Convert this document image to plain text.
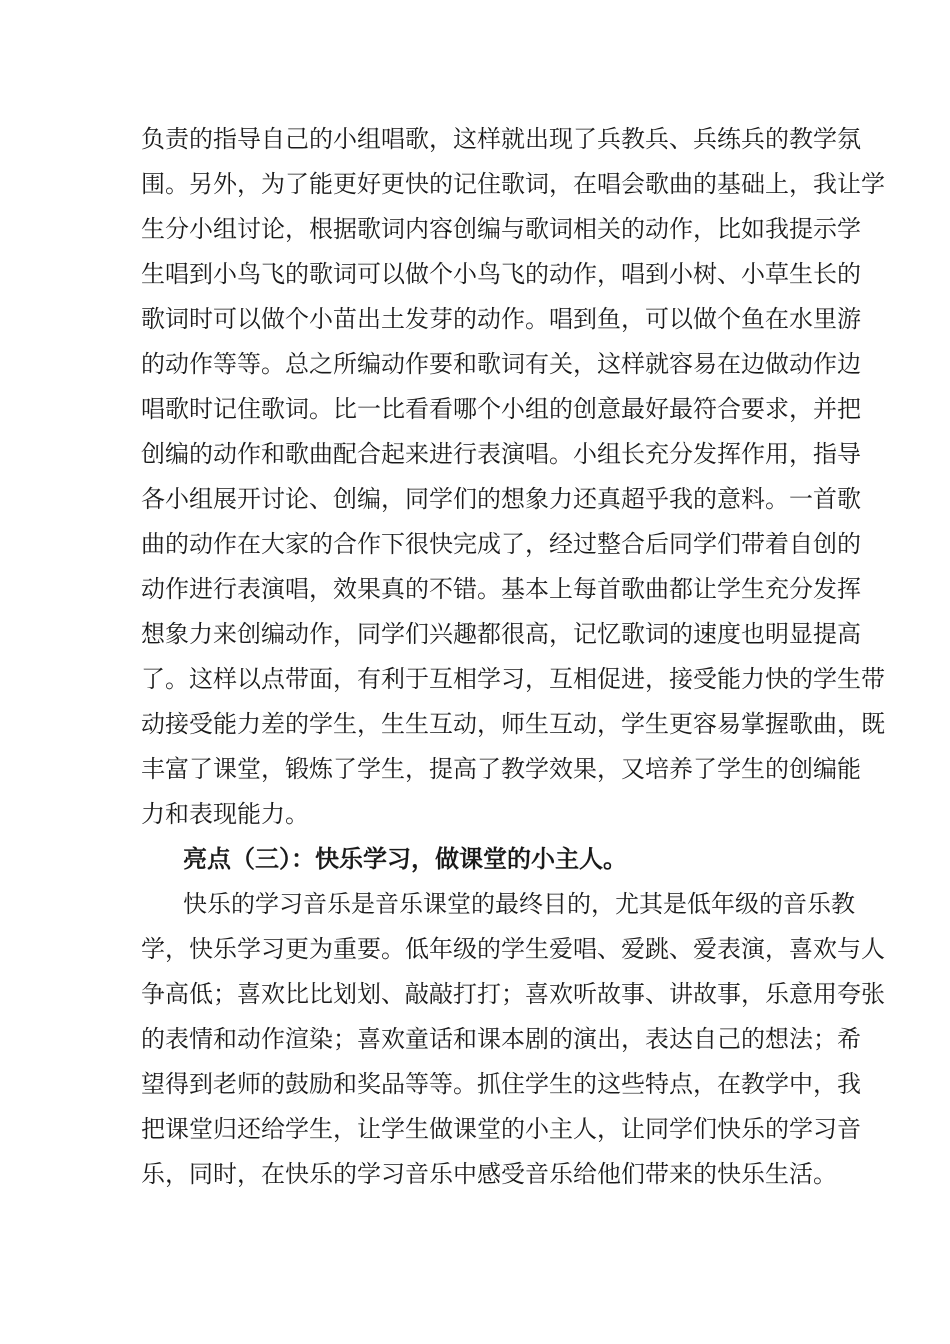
负责的指导自己的小组唱歌，这样就出现了兵教兵、兵练兵的教学氛
围。另外，为了能更好更快的记住歌词，在唱会歌曲的基础上，我让学
生分小组讨论，根据歌词内容创编与歌词相关的动作，比如我提示学
生唱到小鸟飞的歌词可以做个小鸟飞的动作，唱到小树、小草生长的
歌词时可以做个小苗出土发芽的动作。唱到鱼，可以做个鱼在水里游
的动作等等。总之所编动作要和歌词有关，这样就容易在边做动作边
唱歌时记住歌词。比一比看看哪个小组的创意最好最符合要求，并把
创编的动作和歌曲配合起来进行表演唱。小组长充分发挥作用，指导
各小组展开讨论、创编，同学们的想象力还真超乎我的意料。一首歌
曲的动作在大家的合作下很快完成了，经过整合后同学们带着自创的
动作进行表演唱，效果真的不错。基本上每首歌曲都让学生充分发挥
想象力来创编动作，同学们兴趣都很高，记忆歌词的速度也明显提高
了。这样以点带面，有利于互相学习，互相促进，接受能力快的学生带
动接受能力差的学生，生生互动，师生互动，学生更容易掌握歌曲，既
丰富了课堂，锻炼了学生，提高了教学效果，又培养了学生的创编能
力和表现能力。
亮点（三）：快乐学习，做课堂的小主人。
快乐的学习音乐是音乐课堂的最终目的，尤其是低年级的音乐教
学，快乐学习更为重要。低年级的学生爱唱、爱跳、爱表演，喜欢与人
争高低；喜欢比比划划、敲敲打打；喜欢听故事、讲故事，乐意用夸张
的表情和动作渲染；喜欢童话和课本剧的演出，表达自己的想法；希
望得到老师的鼓励和奖品等等。抓住学生的这些特点，在教学中，我
把课堂归还给学生，让学生做课堂的小主人，让同学们快乐的学习音
乐，同时，在快乐的学习音乐中感受音乐给他们带来的快乐生活。
